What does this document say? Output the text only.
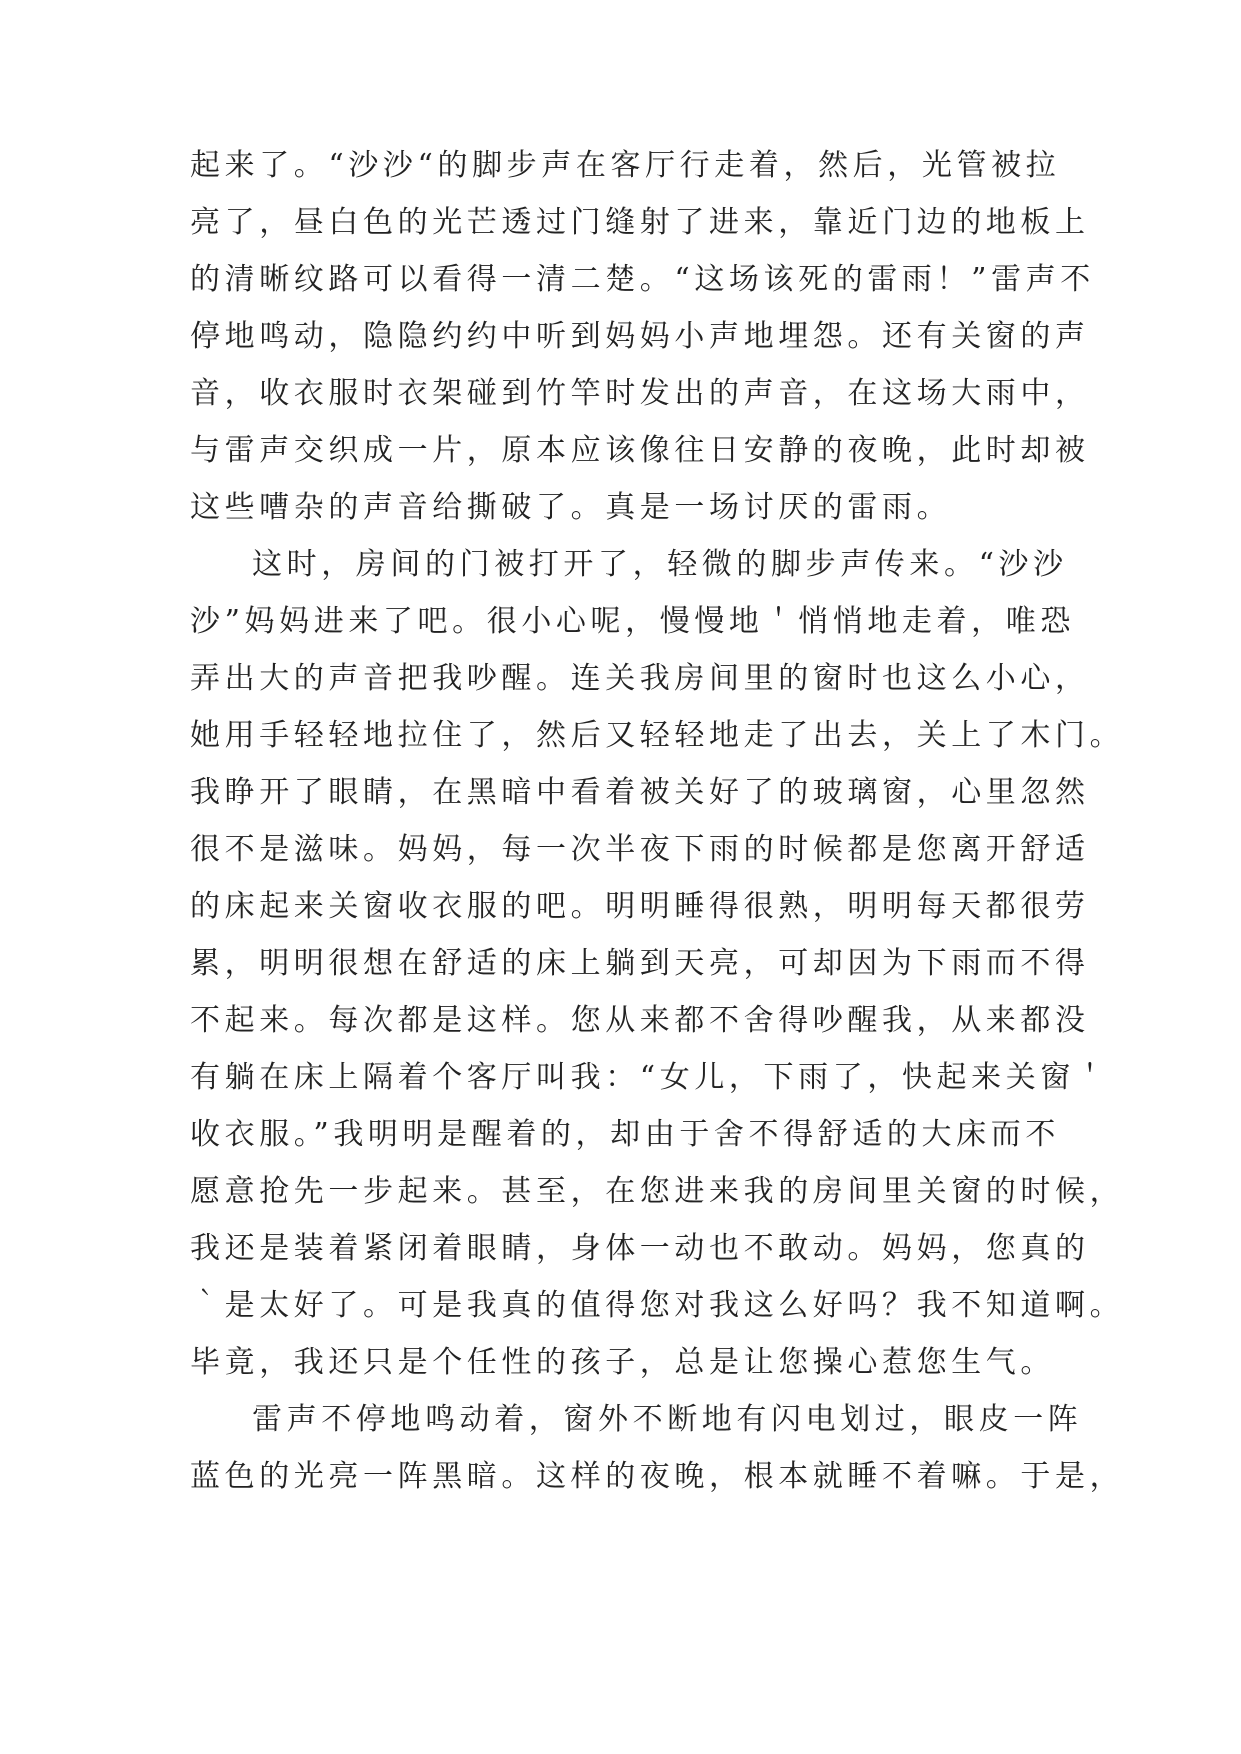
起来了。“沙沙“的脚步声在客厅行走着，然后，光管被拉
亮了，昼白色的光芒透过门缝射了进来，靠近门边的地板上
的清晰纹路可以看得一清二楚。“这场该死的雷雨！”雷声不
停地鸣动，隐隐约约中听到妈妈小声地埋怨。还有关窗的声
音，收衣服时衣架碰到竹竿时发出的声音，在这场大雨中，
与雷声交织成一片，原本应该像往日安静的夜晚，此时却被
这些嘈杂的声音给撕破了。真是一场讨厌的雷雨。
这时，房间的门被打开了，轻微的脚步声传来。“沙沙
沙”妈妈进来了吧。很小心呢，慢慢地＇悄悄地走着，唯恐
弄出大的声音把我吵醒。连关我房间里的窗时也这么小心，
她用手轻轻地拉住了，然后又轻轻地走了出去，关上了木门。
我睁开了眼睛，在黑暗中看着被关好了的玻璃窗，心里忽然
很不是滋味。妈妈，每一次半夜下雨的时候都是您离开舒适
的床起来关窗收衣服的吧。明明睡得很熟，明明每天都很劳
累，明明很想在舒适的床上躺到天亮，可却因为下雨而不得
不起来。每次都是这样。您从来都不舍得吵醒我，从来都没
有躺在床上隔着个客厅叫我：“女儿，下雨了，快起来关窗＇
收衣服。”我明明是醒着的，却由于舍不得舒适的大床而不
愿意抢先一步起来。甚至，在您进来我的房间里关窗的时候，
我还是装着紧闭着眼睛，身体一动也不敢动。妈妈，您真的
｀是太好了。可是我真的值得您对我这么好吗？我不知道啊。
毕竟，我还只是个任性的孩子，总是让您操心惹您生气。
雷声不停地鸣动着，窗外不断地有闪电划过，眼皮一阵
蓝色的光亮一阵黑暗。这样的夜晚，根本就睡不着嘛。于是，
